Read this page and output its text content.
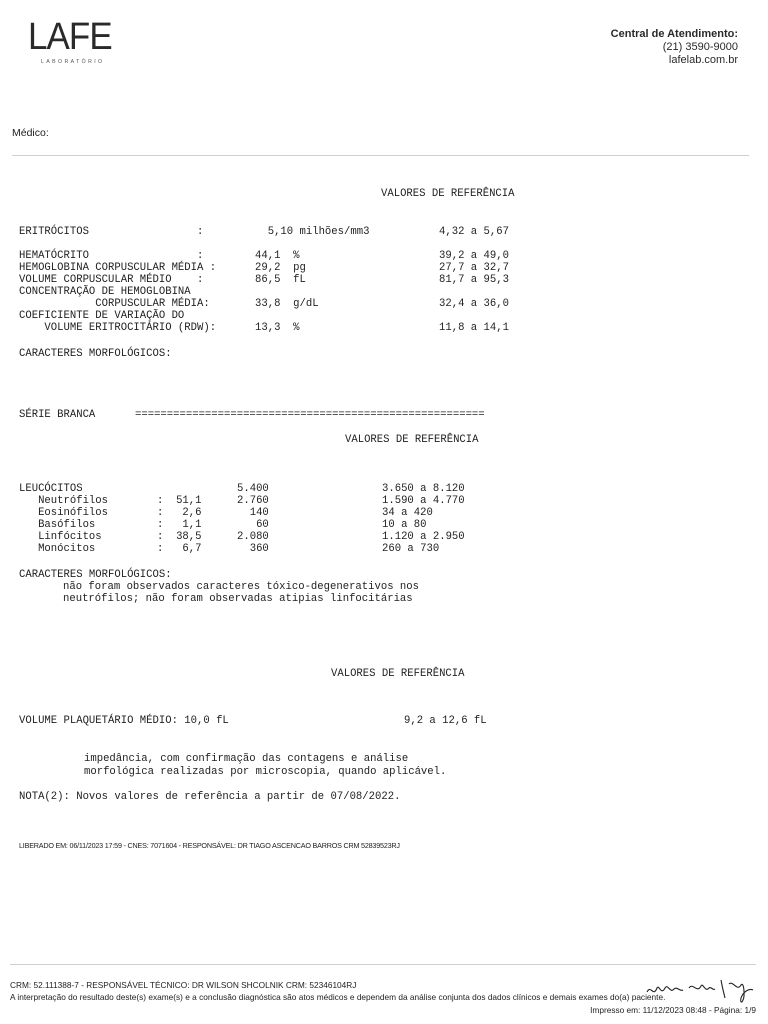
LAFE
LABORATÓRIO
Central de Atendimento:
(21) 3590-9000
lafelab.com.br
Médico:
VALORES DE REFERÊNCIA
ERITRÓCITOS                 :	5,10 milhões/mm3	4,32 a 5,67
HEMATÓCRITO                 :	44,1  %	39,2 a 49,0
HEMOGLOBINA CORPUSCULAR MÉDIA :	29,2  pg	27,7 a 32,7
VOLUME CORPUSCULAR MÉDIO    :	86,5  fL	81,7 a 95,3
CONCENTRAÇÃO DE HEMOGLOBINA
CORPUSCULAR MÉDIA:	33,8  g/dL	32,4 a 36,0
COEFICIENTE DE VARIAÇÃO DO
VOLUME ERITROCITÁRIO (RDW):	13,3  %	11,8 a 14,1
CARACTERES MORFOLÓGICOS:
SÉRIE BRANCA	=======================================================
VALORES DE REFERÊNCIA
LEUCÓCITOS	5.400	3.650 a 8.120
Neutrófilos	:  51,1	2.760	1.590 a 4.770
Eosinófilos	:   2,6	140	34 a 420
Basófilos	:   1,1	60	10 a 80
Linfócitos	:  38,5	2.080	1.120 a 2.950
Monócitos	:   6,7	360	260 a 730
CARACTERES MORFOLÓGICOS:
não foram observados caracteres tóxico-degenerativos nos
neutrófilos; não foram observadas atipias linfocitárias
VALORES DE REFERÊNCIA
VOLUME PLAQUETÁRIO MÉDIO: 10,0 fL	9,2 a 12,6 fL
impedância, com confirmação das contagens e análise
morfológica realizadas por microscopia, quando aplicável.
NOTA(2): Novos valores de referência a partir de 07/08/2022.
LIBERADO EM: 06/11/2023 17:59 - CNES: 7071604 - RESPONSÁVEL: DR TIAGO ASCENCAO BARROS CRM 52839523RJ
CRM: 52.111388-7 - RESPONSÁVEL TÉCNICO: DR WILSON SHCOLNIK CRM: 52346104RJ
A interpretação do resultado deste(s) exame(s) e a conclusão diagnóstica são atos médicos e dependem da análise conjunta dos dados clínicos e demais exames do(a) paciente.
Impresso em: 11/12/2023 08:48 - Página: 1/9
